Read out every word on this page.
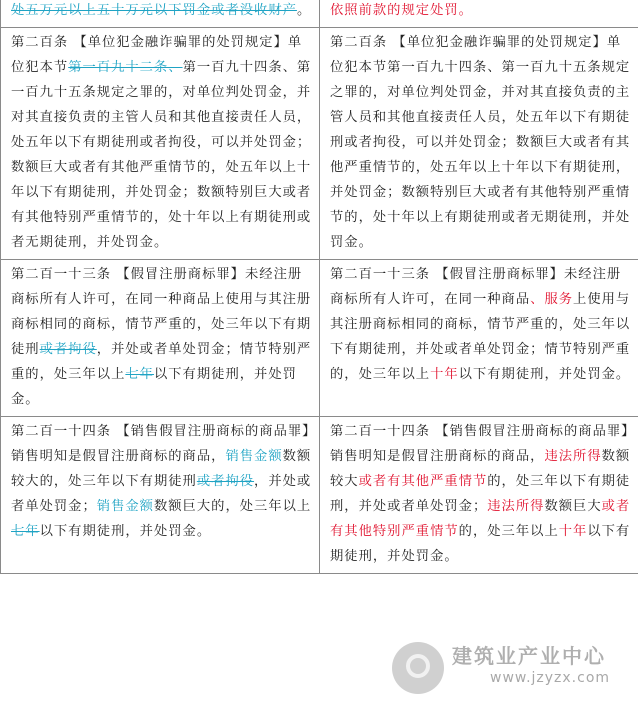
处五万元以上五十万元以下罚金或者没收财产。	依照前款的规定处罚。
第二百条 【单位犯金融诈骗罪的处罚规定】单位犯本节第一百九十二条、第一百九十四条、第一百九十五条规定之罪的，对单位判处罚金，并对其直接负责的主管人员和其他直接责任人员，处五年以下有期徒刑或者拘役，可以并处罚金；数额巨大或者有其他严重情节的，处五年以上十年以下有期徒刑，并处罚金；数额特别巨大或者有其他特别严重情节的，处十年以上有期徒刑或者无期徒刑，并处罚金。	第二百条 【单位犯金融诈骗罪的处罚规定】单位犯本节第一百九十四条、第一百九十五条规定之罪的，对单位判处罚金，并对其直接负责的主管人员和其他直接责任人员，处五年以下有期徒刑或者拘役，可以并处罚金；数额巨大或者有其他严重情节的，处五年以上十年以下有期徒刑，并处罚金；数额特别巨大或者有其他特别严重情节的，处十年以上有期徒刑或者无期徒刑，并处罚金。
第二百一十三条 【假冒注册商标罪】未经注册商标所有人许可，在同一种商品上使用与其注册商标相同的商标，情节严重的，处三年以下有期徒刑或者拘役，并处或者单处罚金；情节特别严重的，处三年以上七年以下有期徒刑，并处罚金。	第二百一十三条 【假冒注册商标罪】未经注册商标所有人许可，在同一种商品、服务上使用与其注册商标相同的商标，情节严重的，处三年以下有期徒刑，并处或者单处罚金；情节特别严重的，处三年以上十年以下有期徒刑，并处罚金。
第二百一十四条 【销售假冒注册商标的商品罪】销售明知是假冒注册商标的商品，销售金额数额较大的，处三年以下有期徒刑或者拘役，并处或者单处罚金；销售金额数额巨大的，处三年以上七年以下有期徒刑，并处罚金。	第二百一十四条 【销售假冒注册商标的商品罪】销售明知是假冒注册商标的商品，违法所得数额较大或者有其他严重情节的，处三年以下有期徒刑，并处或者单处罚金；违法所得数额巨大或者有其他特别严重情节的，处三年以上十年以下有期徒刑，并处罚金。
建筑业产业中心
www.jzyzx.com
